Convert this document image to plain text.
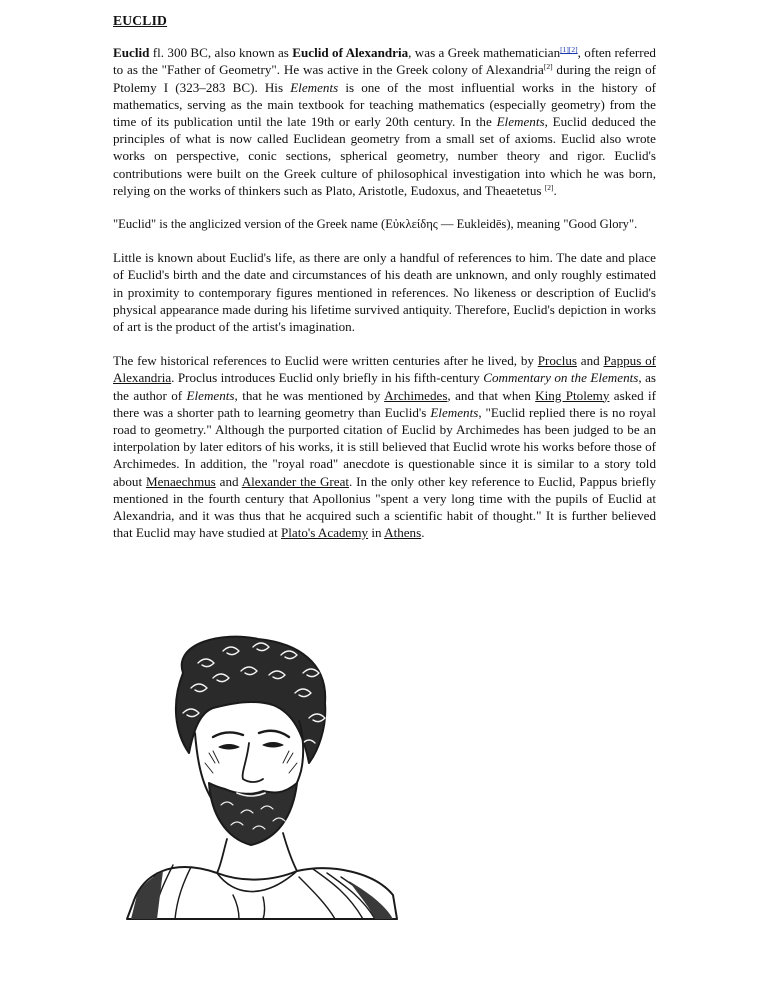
EUCLID

Euclid fl. 300 BC, also known as Euclid of Alexandria, was a Greek mathematician[1][2], often referred to as the "Father of Geometry". He was active in the Greek colony of Alexandria[2] during the reign of Ptolemy I (323–283 BC). His Elements is one of the most influential works in the history of mathematics, serving as the main textbook for teaching mathematics (especially geometry) from the time of its publication until the late 19th or early 20th century. In the Elements, Euclid deduced the principles of what is now called Euclidean geometry from a small set of axioms. Euclid also wrote works on perspective, conic sections, spherical geometry, number theory and rigor. Euclid's contributions were built on the Greek culture of philosophical investigation into which he was born, relying on the works of thinkers such as Plato, Aristotle, Eudoxus, and Theaetetus [2].

"Euclid" is the anglicized version of the Greek name (Εὐκλείδης — Eukleidēs), meaning "Good Glory".

Little is known about Euclid's life, as there are only a handful of references to him. The date and place of Euclid's birth and the date and circumstances of his death are unknown, and only roughly estimated in proximity to contemporary figures mentioned in references. No likeness or description of Euclid's physical appearance made during his lifetime survived antiquity. Therefore, Euclid's depiction in works of art is the product of the artist's imagination.

The few historical references to Euclid were written centuries after he lived, by Proclus and Pappus of Alexandria. Proclus introduces Euclid only briefly in his fifth-century Commentary on the Elements, as the author of Elements, that he was mentioned by Archimedes, and that when King Ptolemy asked if there was a shorter path to learning geometry than Euclid's Elements, "Euclid replied there is no royal road to geometry." Although the purported citation of Euclid by Archimedes has been judged to be an interpolation by later editors of his works, it is still believed that Euclid wrote his works before those of Archimedes. In addition, the "royal road" anecdote is questionable since it is similar to a story told about Menaechmus and Alexander the Great. In the only other key reference to Euclid, Pappus briefly mentioned in the fourth century that Apollonius "spent a very long time with the pupils of Euclid at Alexandria, and it was thus that he acquired such a scientific habit of thought." It is further believed that Euclid may have studied at Plato's Academy in Athens.
